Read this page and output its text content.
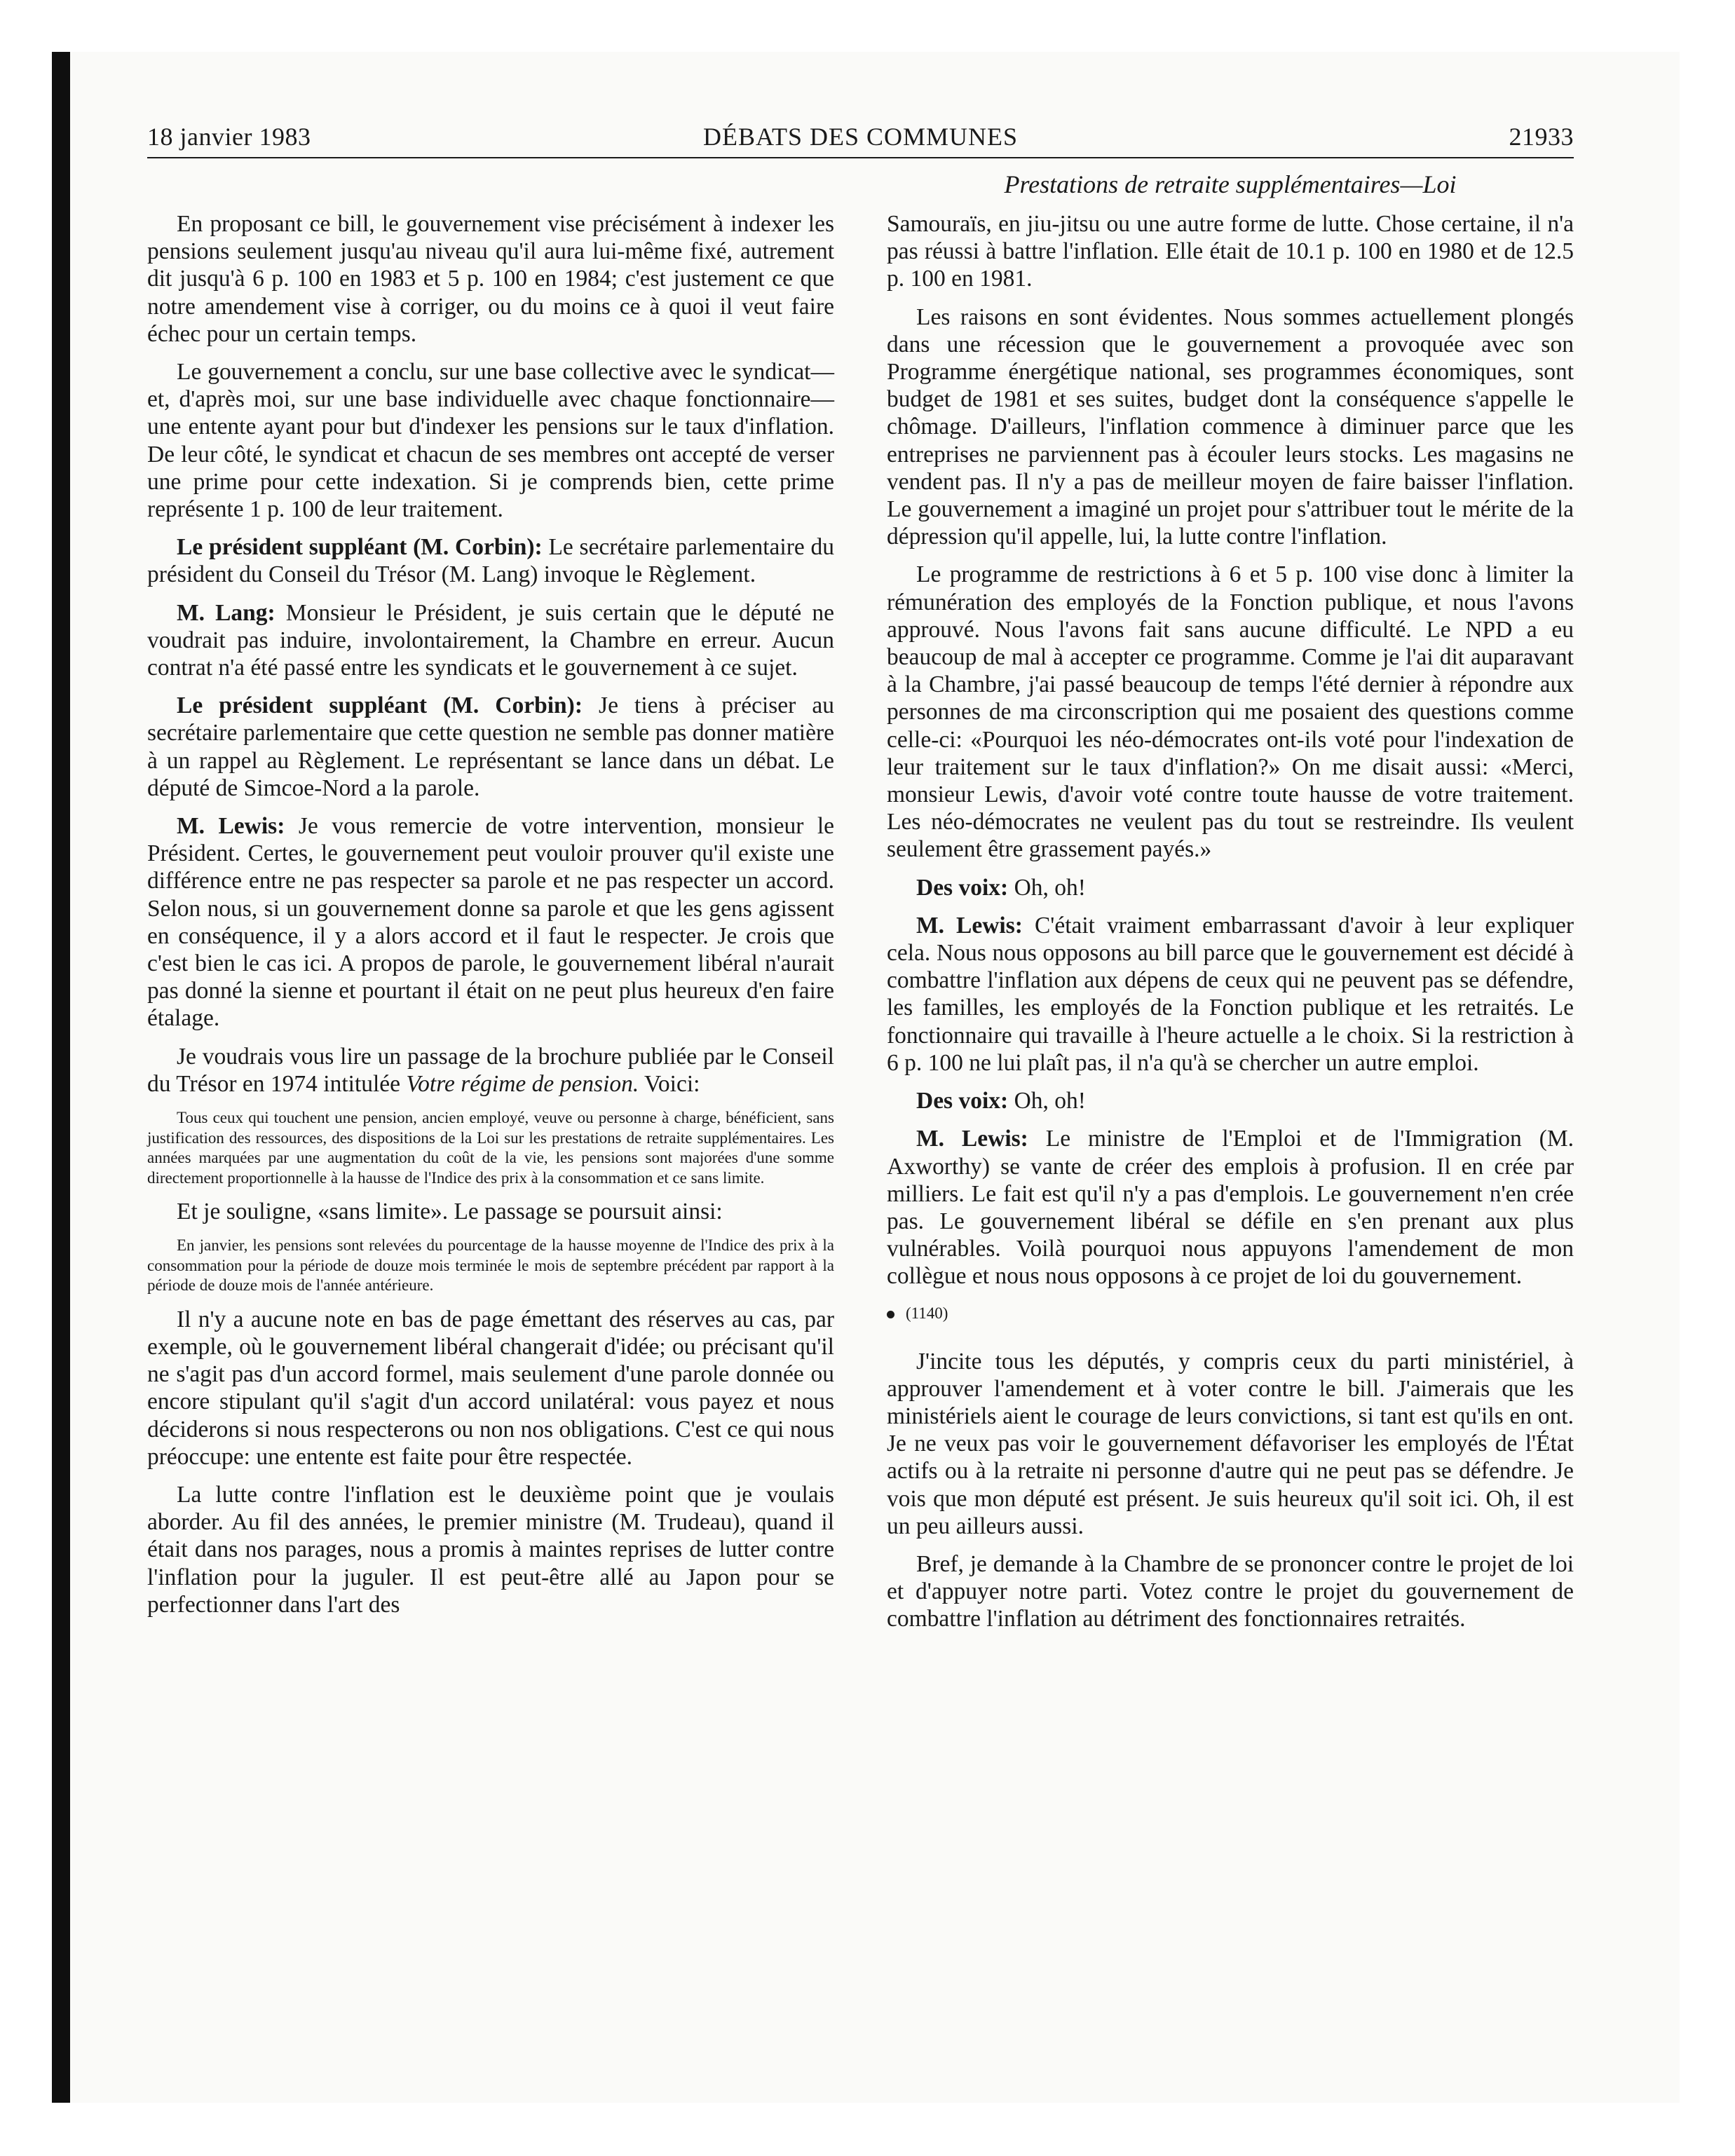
18 janvier 1983	DÉBATS DES COMMUNES	21933
Prestations de retraite supplémentaires—Loi

En proposant ce bill, le gouvernement vise précisément à indexer les pensions seulement jusqu'au niveau qu'il aura lui-même fixé, autrement dit jusqu'à 6 p. 100 en 1983 et 5 p. 100 en 1984; c'est justement ce que notre amendement vise à corriger, ou du moins ce à quoi il veut faire échec pour un certain temps.

Le gouvernement a conclu, sur une base collective avec le syndicat—et, d'après moi, sur une base individuelle avec chaque fonctionnaire—une entente ayant pour but d'indexer les pensions sur le taux d'inflation. De leur côté, le syndicat et chacun de ses membres ont accepté de verser une prime pour cette indexation. Si je comprends bien, cette prime représente 1 p. 100 de leur traitement.

Le président suppléant (M. Corbin): Le secrétaire parlementaire du président du Conseil du Trésor (M. Lang) invoque le Règlement.

M. Lang: Monsieur le Président, je suis certain que le député ne voudrait pas induire, involontairement, la Chambre en erreur. Aucun contrat n'a été passé entre les syndicats et le gouvernement à ce sujet.

Le président suppléant (M. Corbin): Je tiens à préciser au secrétaire parlementaire que cette question ne semble pas donner matière à un rappel au Règlement. Le représentant se lance dans un débat. Le député de Simcoe-Nord a la parole.

M. Lewis: Je vous remercie de votre intervention, monsieur le Président. Certes, le gouvernement peut vouloir prouver qu'il existe une différence entre ne pas respecter sa parole et ne pas respecter un accord. Selon nous, si un gouvernement donne sa parole et que les gens agissent en conséquence, il y a alors accord et il faut le respecter. Je crois que c'est bien le cas ici. A propos de parole, le gouvernement libéral n'aurait pas donné la sienne et pourtant il était on ne peut plus heureux d'en faire étalage.

Je voudrais vous lire un passage de la brochure publiée par le Conseil du Trésor en 1974 intitulée Votre régime de pension. Voici:

Tous ceux qui touchent une pension, ancien employé, veuve ou personne à charge, bénéficient, sans justification des ressources, des dispositions de la Loi sur les prestations de retraite supplémentaires. Les années marquées par une augmentation du coût de la vie, les pensions sont majorées d'une somme directement proportionnelle à la hausse de l'Indice des prix à la consommation et ce sans limite.

Et je souligne, «sans limite». Le passage se poursuit ainsi:

En janvier, les pensions sont relevées du pourcentage de la hausse moyenne de l'Indice des prix à la consommation pour la période de douze mois terminée le mois de septembre précédent par rapport à la période de douze mois de l'année antérieure.

Il n'y a aucune note en bas de page émettant des réserves au cas, par exemple, où le gouvernement libéral changerait d'idée; ou précisant qu'il ne s'agit pas d'un accord formel, mais seulement d'une parole donnée ou encore stipulant qu'il s'agit d'un accord unilatéral: vous payez et nous déciderons si nous respecterons ou non nos obligations. C'est ce qui nous préoccupe: une entente est faite pour être respectée.

La lutte contre l'inflation est le deuxième point que je voulais aborder. Au fil des années, le premier ministre (M. Trudeau), quand il était dans nos parages, nous a promis à maintes reprises de lutter contre l'inflation pour la juguler. Il est peut-être allé au Japon pour se perfectionner dans l'art des

Samouraïs, en jiu-jitsu ou une autre forme de lutte. Chose certaine, il n'a pas réussi à battre l'inflation. Elle était de 10.1 p. 100 en 1980 et de 12.5 p. 100 en 1981.

Les raisons en sont évidentes. Nous sommes actuellement plongés dans une récession que le gouvernement a provoquée avec son Programme énergétique national, ses programmes économiques, sont budget de 1981 et ses suites, budget dont la conséquence s'appelle le chômage. D'ailleurs, l'inflation commence à diminuer parce que les entreprises ne parviennent pas à écouler leurs stocks. Les magasins ne vendent pas. Il n'y a pas de meilleur moyen de faire baisser l'inflation. Le gouvernement a imaginé un projet pour s'attribuer tout le mérite de la dépression qu'il appelle, lui, la lutte contre l'inflation.

Le programme de restrictions à 6 et 5 p. 100 vise donc à limiter la rémunération des employés de la Fonction publique, et nous l'avons approuvé. Nous l'avons fait sans aucune difficulté. Le NPD a eu beaucoup de mal à accepter ce programme. Comme je l'ai dit auparavant à la Chambre, j'ai passé beaucoup de temps l'été dernier à répondre aux personnes de ma circonscription qui me posaient des questions comme celle-ci: «Pourquoi les néo-démocrates ont-ils voté pour l'indexation de leur traitement sur le taux d'inflation?» On me disait aussi: «Merci, monsieur Lewis, d'avoir voté contre toute hausse de votre traitement. Les néo-démocrates ne veulent pas du tout se restreindre. Ils veulent seulement être grassement payés.»

Des voix: Oh, oh!

M. Lewis: C'était vraiment embarrassant d'avoir à leur expliquer cela. Nous nous opposons au bill parce que le gouvernement est décidé à combattre l'inflation aux dépens de ceux qui ne peuvent pas se défendre, les familles, les employés de la Fonction publique et les retraités. Le fonctionnaire qui travaille à l'heure actuelle a le choix. Si la restriction à 6 p. 100 ne lui plaît pas, il n'a qu'à se chercher un autre emploi.

Des voix: Oh, oh!

M. Lewis: Le ministre de l'Emploi et de l'Immigration (M. Axworthy) se vante de créer des emplois à profusion. Il en crée par milliers. Le fait est qu'il n'y a pas d'emplois. Le gouvernement n'en crée pas. Le gouvernement libéral se défile en s'en prenant aux plus vulnérables. Voilà pourquoi nous appuyons l'amendement de mon collègue et nous nous opposons à ce projet de loi du gouvernement.

(1140)

J'incite tous les députés, y compris ceux du parti ministériel, à approuver l'amendement et à voter contre le bill. J'aimerais que les ministériels aient le courage de leurs convictions, si tant est qu'ils en ont. Je ne veux pas voir le gouvernement défavoriser les employés de l'État actifs ou à la retraite ni personne d'autre qui ne peut pas se défendre. Je vois que mon député est présent. Je suis heureux qu'il soit ici. Oh, il est un peu ailleurs aussi.

Bref, je demande à la Chambre de se prononcer contre le projet de loi et d'appuyer notre parti. Votez contre le projet du gouvernement de combattre l'inflation au détriment des fonctionnaires retraités.
